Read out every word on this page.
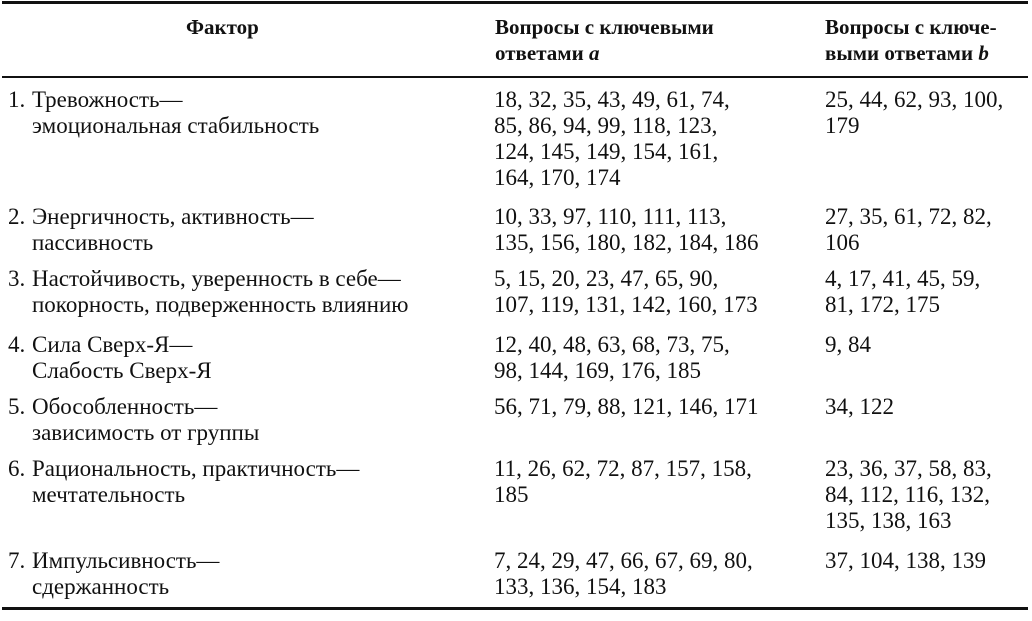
Фактор	Вопросы с ключевыми
ответами a
Вопросы с ключе-
выми ответами b
1. Тревожность—
эмоциональная стабильность
18, 32, 35, 43, 49, 61, 74,
85, 86, 94, 99, 118, 123,
124, 145, 149, 154, 161,
164, 170, 174
25, 44, 62, 93, 100,
179
2. Энергичность, активность—
пассивность
10, 33, 97, 110, 111, 113,
135, 156, 180, 182, 184, 186
27, 35, 61, 72, 82,
106
3. Настойчивость, уверенность в себе—
покорность, подверженность влиянию
5, 15, 20, 23, 47, 65, 90,
107, 119, 131, 142, 160, 173
4, 17, 41, 45, 59,
81, 172, 175
4. Сила Сверх-Я—
Слабость Сверх-Я
12, 40, 48, 63, 68, 73, 75,
98, 144, 169, 176, 185
9, 84
5. Обособленность—
зависимость от группы
56, 71, 79, 88, 121, 146, 171	34, 122
6. Рациональность, практичность—
мечтательность
11, 26, 62, 72, 87, 157, 158,
185
23, 36, 37, 58, 83,
84, 112, 116, 132,
135, 138, 163
7. Импульсивность—
сдержанность
7, 24, 29, 47, 66, 67, 69, 80,
133, 136, 154, 183
37, 104, 138, 139
